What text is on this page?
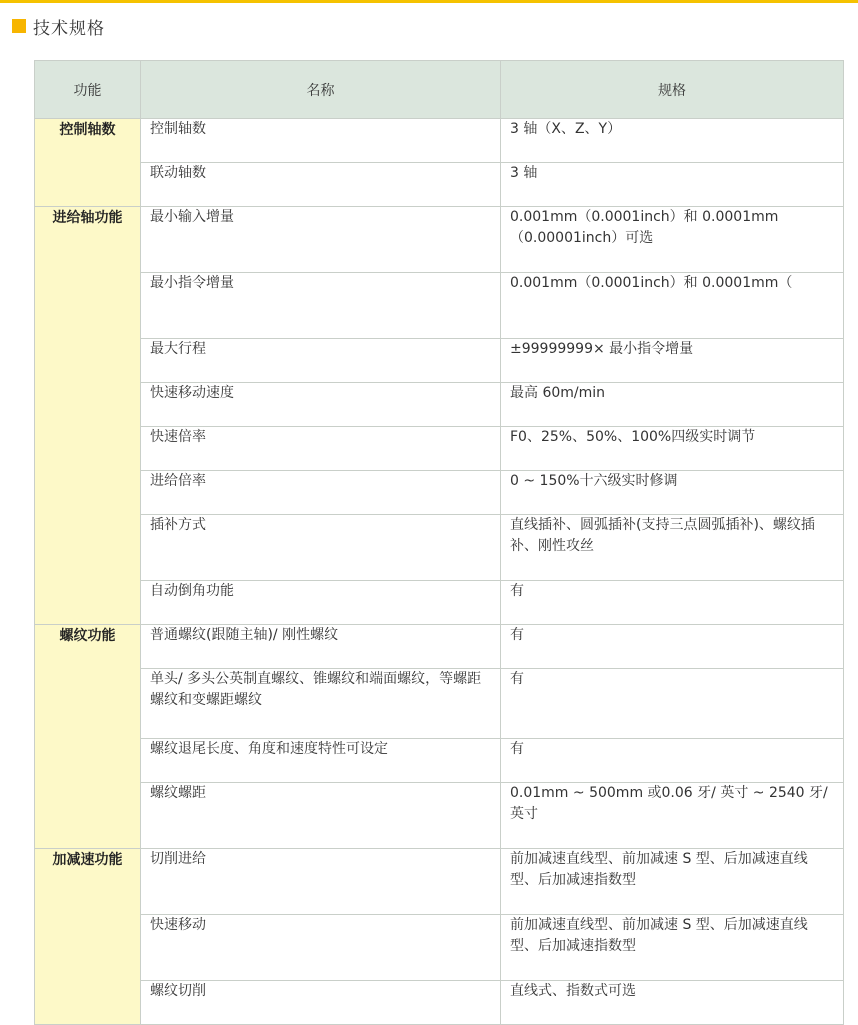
技术规格
功能	名称	规格
控制轴数	控制轴数	3 轴（X、Z、Y）
	联动轴数	3 轴
进给轴功能	最小输入增量	0.001mm（0.0001inch）和 0.0001mm（0.00001inch）可选
	最小指令增量	0.001mm（0.0001inch）和 0.0001mm（
	最大行程	±99999999× 最小指令增量
	快速移动速度	最高 60m/min
	快速倍率	F0、25%、50%、100%四级实时调节
	进给倍率	0 ~ 150%十六级实时修调
	插补方式	直线插补、圆弧插补(支持三点圆弧插补)、螺纹插补、刚性攻丝
	自动倒角功能	有
螺纹功能	普通螺纹(跟随主轴)/ 刚性螺纹	有
	单头/ 多头公英制直螺纹、锥螺纹和端面螺纹，等螺距螺纹和变螺距螺纹	有
	螺纹退尾长度、角度和速度特性可设定	有
	螺纹螺距	0.01mm ~ 500mm 或0.06 牙/ 英寸 ~ 2540 牙/ 英寸
加减速功能	切削进给	前加减速直线型、前加减速 S 型、后加减速直线型、后加减速指数型
	快速移动	前加减速直线型、前加减速 S 型、后加减速直线型、后加减速指数型
	螺纹切削	直线式、指数式可选
